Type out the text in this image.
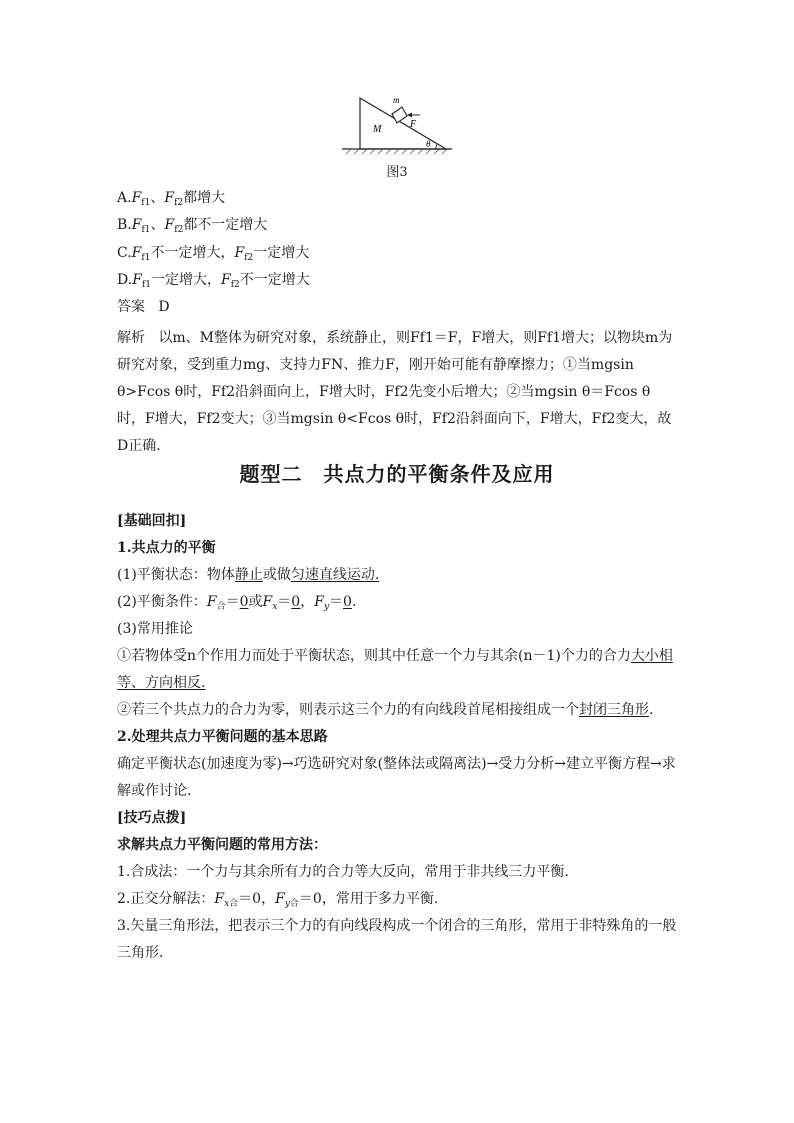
m
M	F
θ
图3
$A.F_{f1}$、$F_{f2}$都增大
$B.F_{f1}$、$F_{f2}$都不一定增大
$C.F_{f1}$不一定增大，$F_{f2}$一定增大
$D.F_{f1}$一定增大，$F_{f2}$不一定增大
答案 D
解析 以m、M整体为研究对象，系统静止，则Ff1＝F，F增大，则Ff1增大；以物块m为研究对象，受到重力mg、支持力FN、推力F，刚开始可能有静摩擦力；①当mgsin θ>Fcos θ时，Ff2沿斜面向上，F增大时，Ff2先变小后增大；②当mgsin θ＝Fcos θ时，F增大，Ff2变大；③当mgsin θ<Fcos θ时，Ff2沿斜面向下，F增大，Ff2变大，故D正确.
题型二　共点力的平衡条件及应用
[基础回扣]
1.共点力的平衡
(1)平衡状态：物体静止或做匀速直线运动.
(2)平衡条件：$F_合=0$或$F_x=0$，$F_y=0$.
(3)常用推论
①若物体受n个作用力而处于平衡状态，则其中任意一个力与其余(n－1)个力的合力大小相
等、方向相反.
②若三个共点力的合力为零，则表示这三个力的有向线段首尾相接组成一个封闭三角形.
2.处理共点力平衡问题的基本思路
确定平衡状态(加速度为零)→巧选研究对象(整体法或隔离法)→受力分析→建立平衡方程→求
解或作讨论.
[技巧点拨]
求解共点力平衡问题的常用方法：
1.合成法：一个力与其余所有力的合力等大反向，常用于非共线三力平衡.
2.正交分解法：$F_{x合}=0$，$F_{y合}=0$，常用于多力平衡.
3.矢量三角形法，把表示三个力的有向线段构成一个闭合的三角形，常用于非特殊角的一般
三角形.
